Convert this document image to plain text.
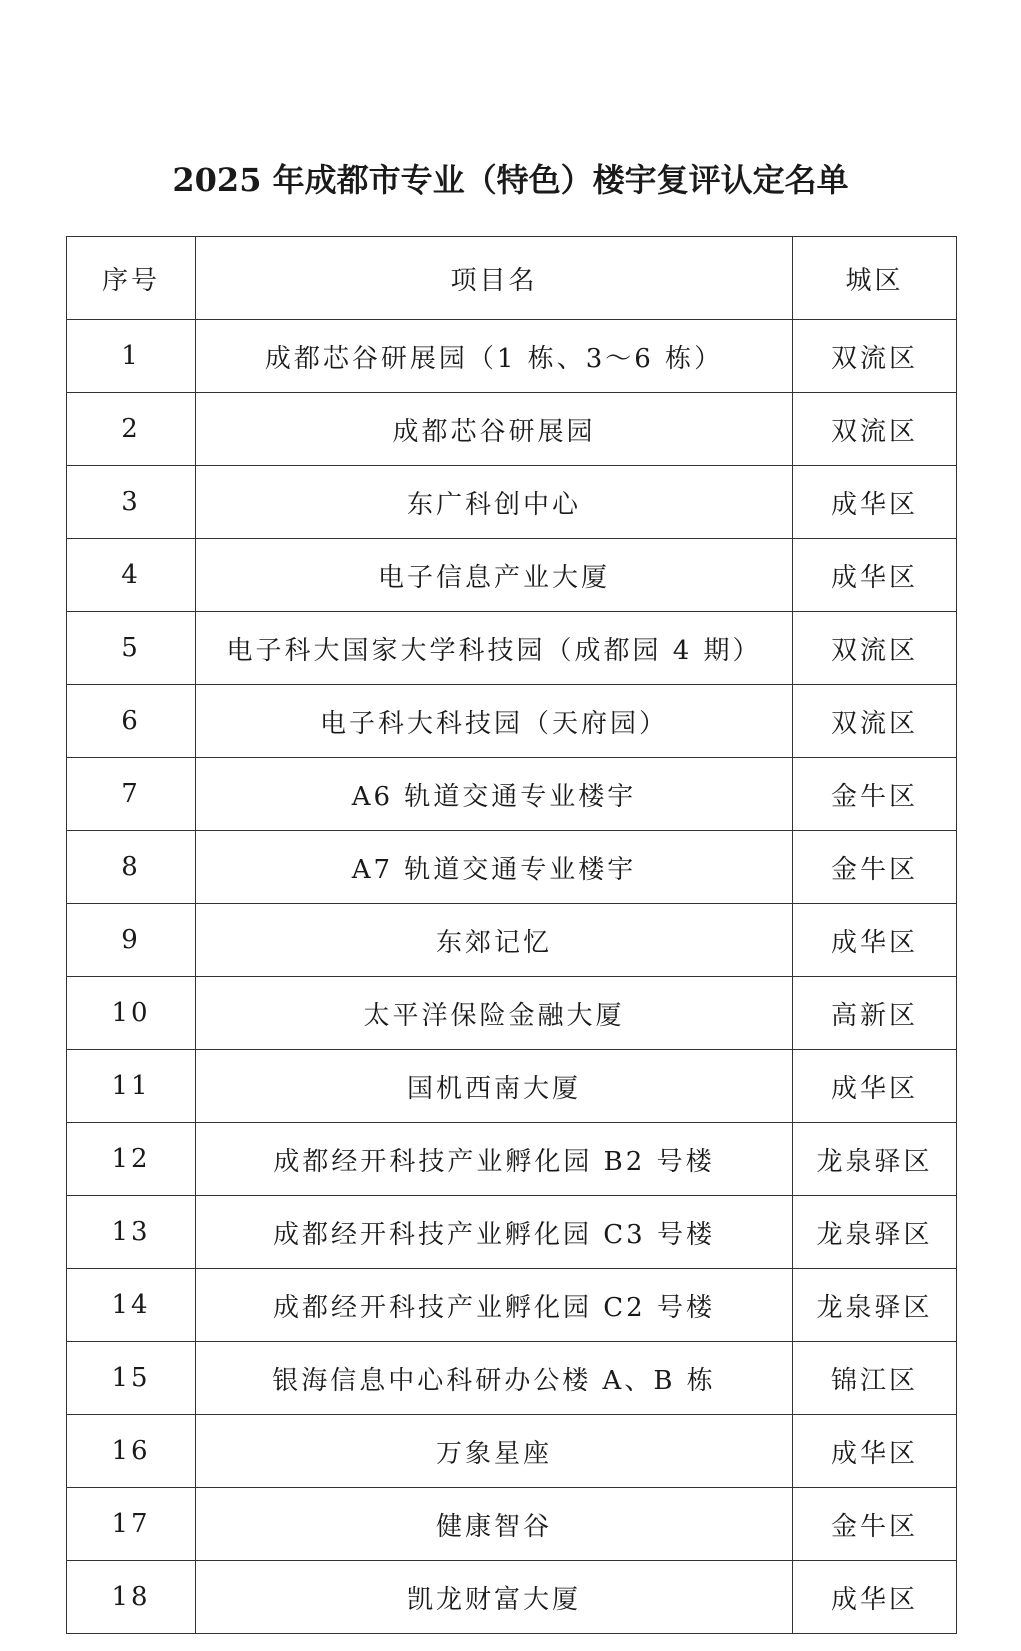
2025 年成都市专业（特色）楼宇复评认定名单
序号	项目名	城区
1	成都芯谷研展园（1 栋、3～6 栋）	双流区
2	成都芯谷研展园	双流区
3	东广科创中心	成华区
4	电子信息产业大厦	成华区
5	电子科大国家大学科技园（成都园 4 期）	双流区
6	电子科大科技园（天府园）	双流区
7	A6 轨道交通专业楼宇	金牛区
8	A7 轨道交通专业楼宇	金牛区
9	东郊记忆	成华区
10	太平洋保险金融大厦	高新区
11	国机西南大厦	成华区
12	成都经开科技产业孵化园 B2 号楼	龙泉驿区
13	成都经开科技产业孵化园 C3 号楼	龙泉驿区
14	成都经开科技产业孵化园 C2 号楼	龙泉驿区
15	银海信息中心科研办公楼 A、B 栋	锦江区
16	万象星座	成华区
17	健康智谷	金牛区
18	凯龙财富大厦	成华区
